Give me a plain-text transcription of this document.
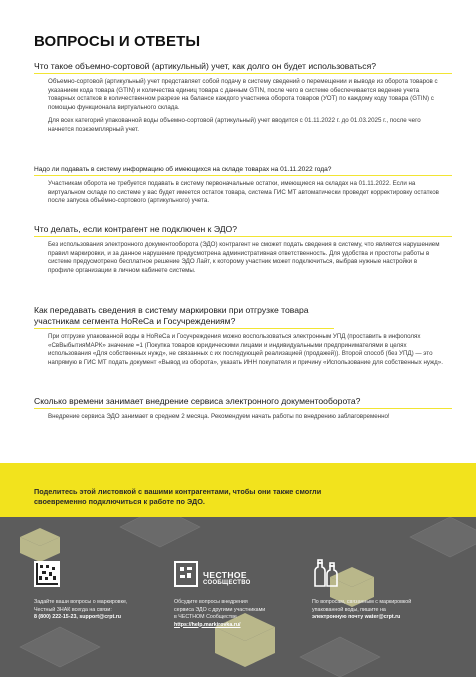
ВОПРОСЫ И ОТВЕТЫ

Что такое объемно-сортовой (артикульный) учет, как долго он будет использоваться?

Объемно-сортовой (артикульный) учет представляет собой подачу в систему сведений о перемещении и выводе из оборота товаров с указанием кода товара (GTIN) и количества единиц товара с данным GTIN, после чего в системе обеспечивается ведение учета товарных остатков в количественном разрезе на балансе каждого участника оборота товаров (УОТ) по каждому коду товара (GTIN) с помощью функционала виртуального склада.

Для всех категорий упакованной воды объемно-сортовой (артикульный) учет вводится с 01.11.2022 г. до 01.03.2025 г., после чего начнется поэкземплярный учет.

Надо ли подавать в систему информацию об имеющихся на складе товарах на 01.11.2022 года?

Участникам оборота не требуется подавать в систему первоначальные остатки, имеющиеся на складах на 01.11.2022. Если на виртуальном складе по системе у вас будет имеется остаток товара, система ГИС МТ автоматически проведет корректировку остатков после запуска объёмно-сортового (артикульного) учета.

Что делать, если контрагент не подключен к ЭДО?

Без использования электронного документооборота (ЭДО) контрагент не сможет подать сведения в систему, что является нарушением правил маркировки, и за данное нарушение предусмотрена административная ответственность. Для удобства и простоты работы в системе предусмотрено бесплатное решение ЭДО Лайт, к которому участник может подключиться, выбрав нужные настройки в профиле организации в личном кабинете системы.

Как передавать сведения в систему маркировки при отгрузке товара участникам сегмента HoReCa и Госучреждениям?

При отгрузке упакованной воды в HoReCa и Госучреждения можно воспользоваться электронным УПД (проставить в инфополях «СвВыбытияМАРК» значение =1 (Покупка товаров юридическими лицами и индивидуальными предпринимателями в целях использования «Для собственных нужд», не связанных с их последующей реализацией (продажей)). Второй способ (без УПД) — это напрямую в ГИС МТ подать документ «Вывод из оборота», указать ИНН покупателя и причину «Использование для собственных нужд».

Сколько времени занимает внедрение сервиса электронного документооборота?

Внедрение сервиса ЭДО занимает в среднем 2 месяца. Рекомендуем начать работы по внедрению заблаговременно!

Поделитесь этой листовкой с вашими контрагентами, чтобы они также смогли своевременно подключиться к работе по ЭДО.
Задайте ваши вопросы о маркировке,
Честный ЗНАК всегда на связи:
8 (800) 222-15-23, support@crpt.ru
ЧЕСТНОЕ
СООБЩЕСТВО
Обсудите вопросы внедрения
сервиса ЭДО с другими участниками
в ЧЕСТНОМ Сообществе
https://help.markirovka.ru/
По вопросам, связанным с маркировкой
упакованной воды, пишите на
электронную почту water@crpt.ru
